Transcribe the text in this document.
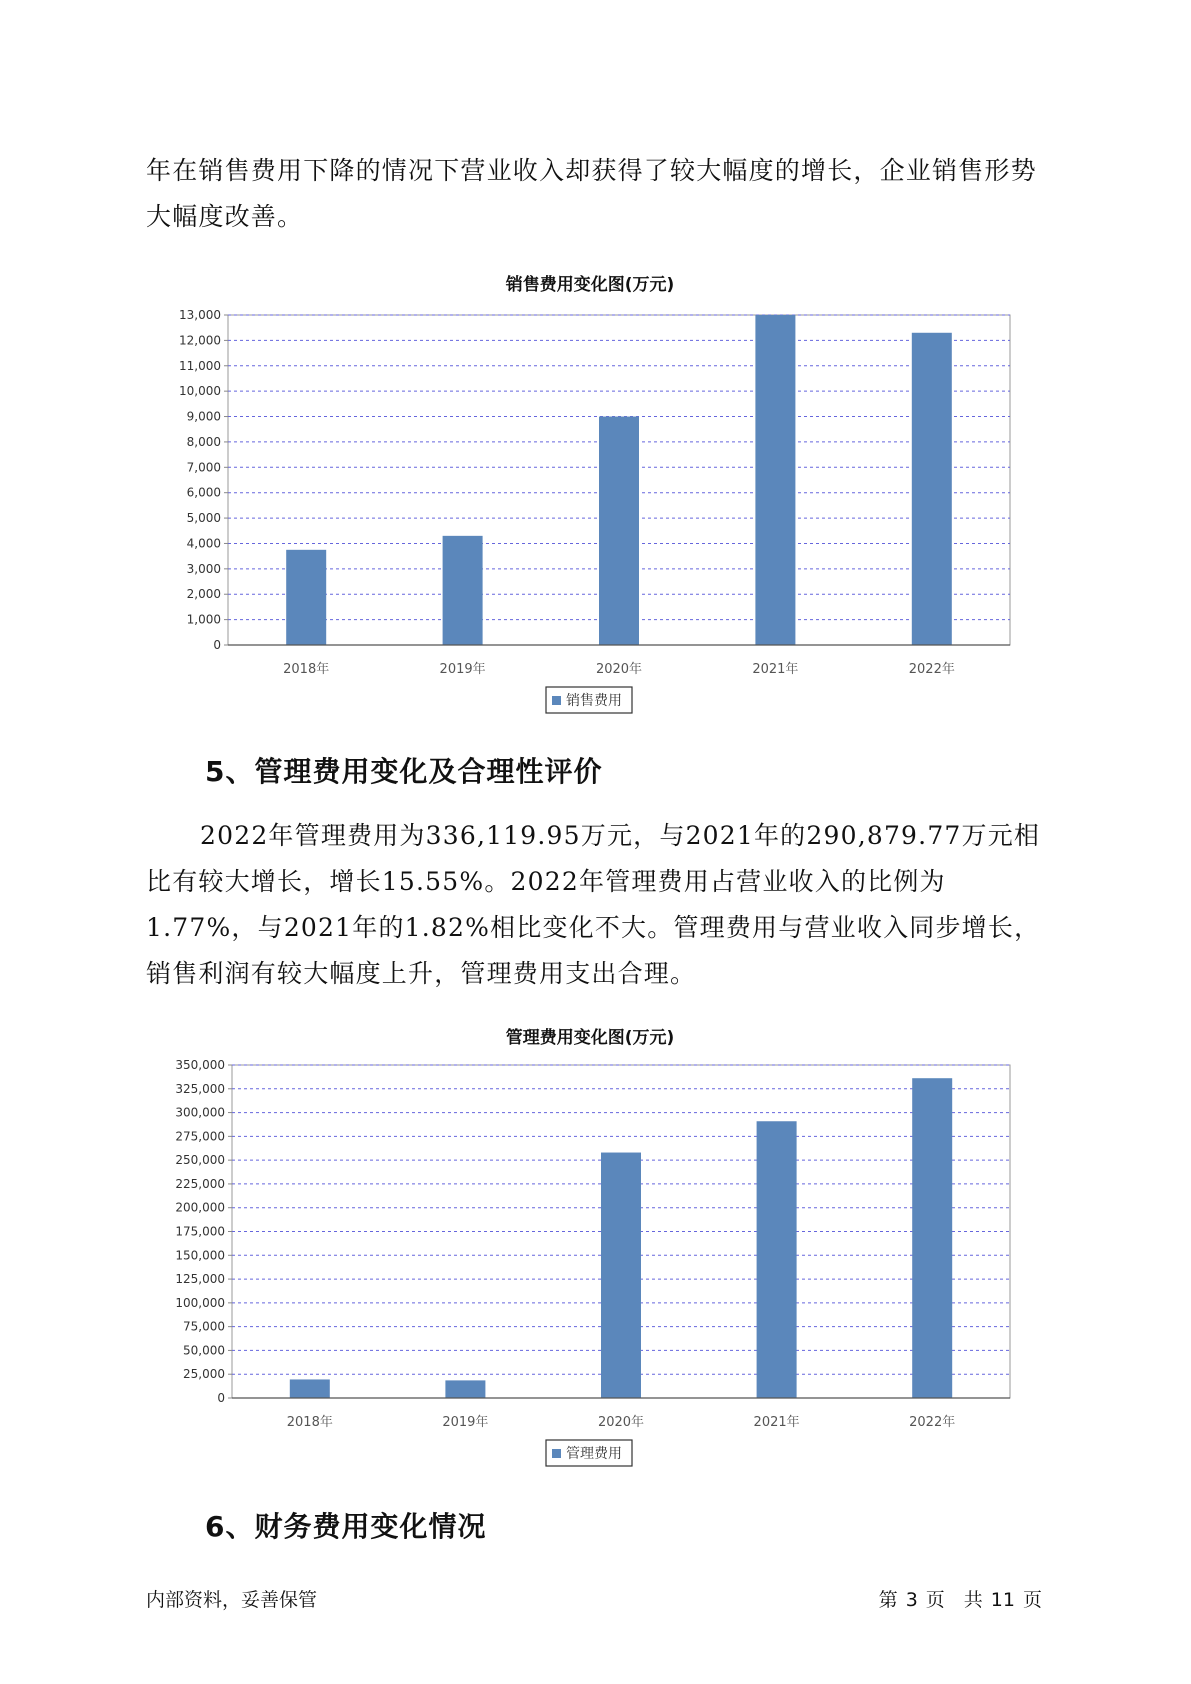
年在销售费用下降的情况下营业收入却获得了较大幅度的增长，企业销售形势大幅度改善。

销售费用变化图(万元)
0
1,000
2,000
3,000
4,000
5,000
6,000
7,000
8,000
9,000
10,000
11,000
12,000
13,000
2018年	2019年	2020年	2021年	2022年
销售费用
5、管理费用变化及合理性评价

2022年管理费用为336,119.95万元，与2021年的290,879.77万元相比有较大增长，增长15.55%。2022年管理费用占营业收入的比例为1.77%，与2021年的1.82%相比变化不大。管理费用与营业收入同步增长，销售利润有较大幅度上升，管理费用支出合理。

管理费用变化图(万元)
0
25,000
50,000
75,000
100,000
125,000
150,000
175,000
200,000
225,000
250,000
275,000
300,000
325,000
350,000
2018年	2019年	2020年	2021年	2022年
管理费用
6、财务费用变化情况
内部资料，妥善保管	第 3 页　共 11 页
